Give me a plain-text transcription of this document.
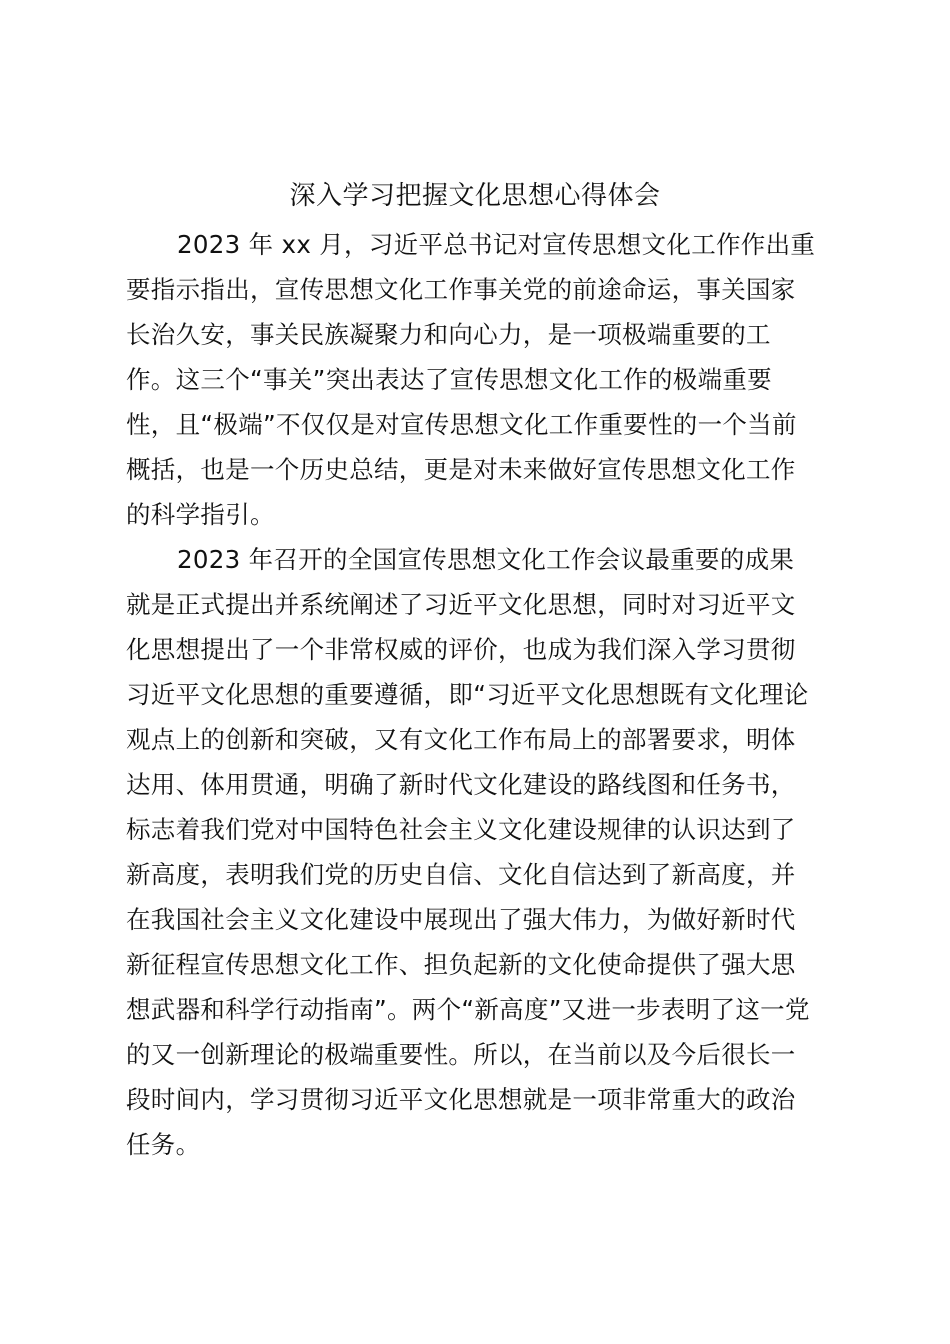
深入学习把握文化思想心得体会
2023 年 xx 月，习近平总书记对宣传思想文化工作作出重
要指示指出，宣传思想文化工作事关党的前途命运，事关国家
长治久安，事关民族凝聚力和向心力，是一项极端重要的工
作。这三个“事关”突出表达了宣传思想文化工作的极端重要
性，且“极端”不仅仅是对宣传思想文化工作重要性的一个当前
概括，也是一个历史总结，更是对未来做好宣传思想文化工作
的科学指引。
2023 年召开的全国宣传思想文化工作会议最重要的成果
就是正式提出并系统阐述了习近平文化思想，同时对习近平文
化思想提出了一个非常权威的评价，也成为我们深入学习贯彻
习近平文化思想的重要遵循，即“习近平文化思想既有文化理论
观点上的创新和突破，又有文化工作布局上的部署要求，明体
达用、体用贯通，明确了新时代文化建设的路线图和任务书，
标志着我们党对中国特色社会主义文化建设规律的认识达到了
新高度，表明我们党的历史自信、文化自信达到了新高度，并
在我国社会主义文化建设中展现出了强大伟力，为做好新时代
新征程宣传思想文化工作、担负起新的文化使命提供了强大思
想武器和科学行动指南”。两个“新高度”又进一步表明了这一党
的又一创新理论的极端重要性。所以，在当前以及今后很长一
段时间内，学习贯彻习近平文化思想就是一项非常重大的政治
任务。
